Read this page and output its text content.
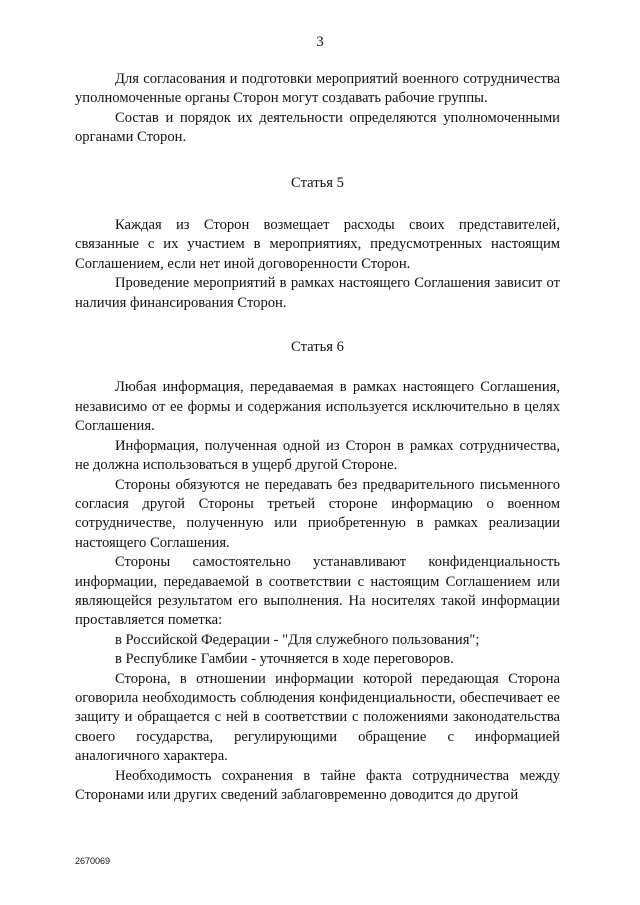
3

Для согласования и подготовки мероприятий военного сотрудничества уполномоченные органы Сторон могут создавать рабочие группы.

Состав и порядок их деятельности определяются уполномоченными органами Сторон.

Статья 5

Каждая из Сторон возмещает расходы своих представителей, связанные с их участием в мероприятиях, предусмотренных настоящим Соглашением, если нет иной договоренности Сторон.

Проведение мероприятий в рамках настоящего Соглашения зависит от наличия финансирования Сторон.

Статья 6

Любая информация, передаваемая в рамках настоящего Соглашения, независимо от ее формы и содержания используется исключительно в целях Соглашения.

Информация, полученная одной из Сторон в рамках сотрудничества, не должна использоваться в ущерб другой Стороне.

Стороны обязуются не передавать без предварительного письменного согласия другой Стороны третьей стороне информацию о военном сотрудничестве, полученную или приобретенную в рамках реализации настоящего Соглашения.

Стороны самостоятельно устанавливают конфиденциальность информации, передаваемой в соответствии с настоящим Соглашением или являющейся результатом его выполнения. На носителях такой информации проставляется пометка:

в Российской Федерации - "Для служебного пользования";

в Республике Гамбии - уточняется в ходе переговоров.

Сторона, в отношении информации которой передающая Сторона оговорила необходимость соблюдения конфиденциальности, обеспечивает ее защиту и обращается с ней в соответствии с положениями законодательства своего государства, регулирующими обращение с информацией аналогичного характера.

Необходимость сохранения в тайне факта сотрудничества между Сторонами или других сведений заблаговременно доводится до другой

2670069
